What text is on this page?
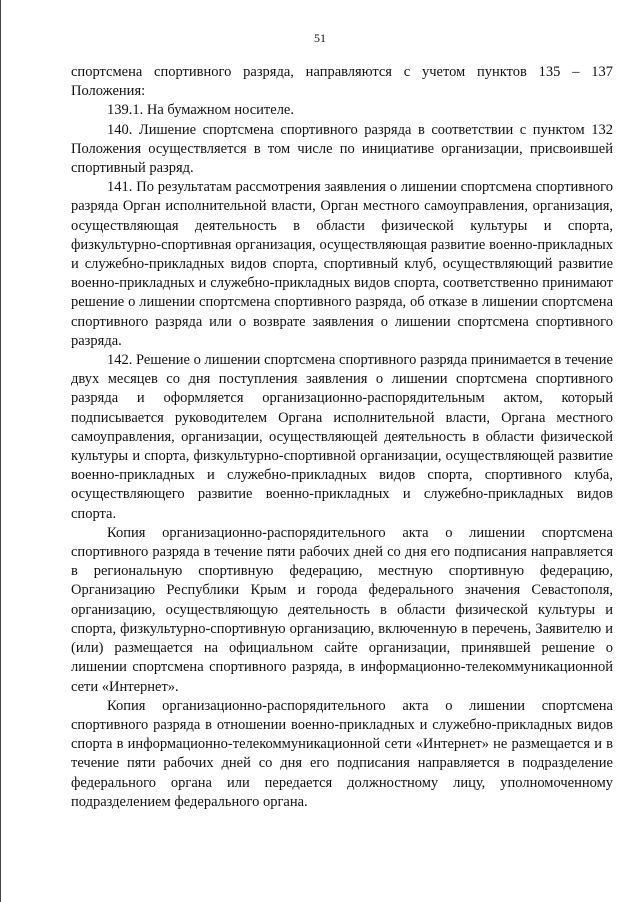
51

спортсмена спортивного разряда, направляются с учетом пунктов 135 – 137 Положения:

139.1. На бумажном носителе.

140. Лишение спортсмена спортивного разряда в соответствии с пунктом 132 Положения осуществляется в том числе по инициативе организации, присвоившей спортивный разряд.

141. По результатам рассмотрения заявления о лишении спортсмена спортивного разряда Орган исполнительной власти, Орган местного самоуправления, организация, осуществляющая деятельность в области физической культуры и спорта, физкультурно-спортивная организация, осуществляющая развитие военно-прикладных и служебно-прикладных видов спорта, спортивный клуб, осуществляющий развитие военно-прикладных и служебно-прикладных видов спорта, соответственно принимают решение о лишении спортсмена спортивного разряда, об отказе в лишении спортсмена спортивного разряда или о возврате заявления о лишении спортсмена спортивного разряда.

142. Решение о лишении спортсмена спортивного разряда принимается в течение двух месяцев со дня поступления заявления о лишении спортсмена спортивного разряда и оформляется организационно-распорядительным актом, который подписывается руководителем Органа исполнительной власти, Органа местного самоуправления, организации, осуществляющей деятельность в области физической культуры и спорта, физкультурно-спортивной организации, осуществляющей развитие военно-прикладных и служебно-прикладных видов спорта, спортивного клуба, осуществляющего развитие военно-прикладных и служебно-прикладных видов спорта.

Копия организационно-распорядительного акта о лишении спортсмена спортивного разряда в течение пяти рабочих дней со дня его подписания направляется в региональную спортивную федерацию, местную спортивную федерацию, Организацию Республики Крым и города федерального значения Севастополя, организацию, осуществляющую деятельность в области физической культуры и спорта, физкультурно-спортивную организацию, включенную в перечень, Заявителю и (или) размещается на официальном сайте организации, принявшей решение о лишении спортсмена спортивного разряда, в информационно-телекоммуникационной сети «Интернет».

Копия организационно-распорядительного акта о лишении спортсмена спортивного разряда в отношении военно-прикладных и служебно-прикладных видов спорта в информационно-телекоммуникационной сети «Интернет» не размещается и в течение пяти рабочих дней со дня его подписания направляется в подразделение федерального органа или передается должностному лицу, уполномоченному подразделением федерального органа.
